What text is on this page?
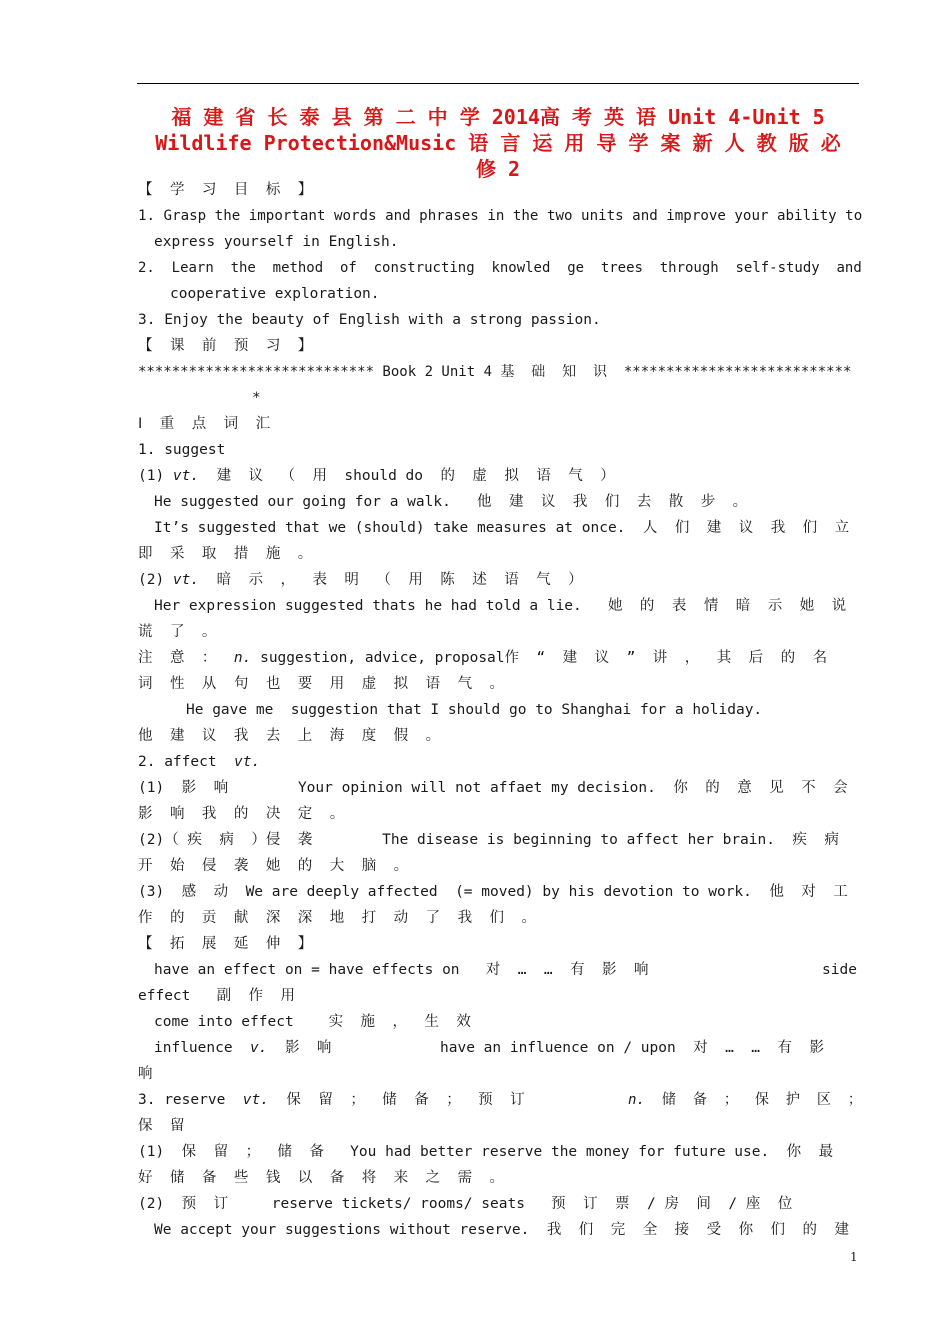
福 建 省 长 泰 县 第 二 中 学 2014高 考 英 语 Unit 4-Unit 5
Wildlife Protection&Music 语 言 运 用 导 学 案 新 人 教 版 必
修 2
【  学  习  目  标  】
1. Grasp the important words and phrases in the two units and improve your ability to
express yourself in English.
2.  Learn  the  method  of  constructing  knowled  ge  trees  through  self-study  and
cooperative exploration.
3. Enjoy the beauty of English with a strong passion.
【  课  前  预  习  】
**************************** Book 2 Unit 4 基  础  知  识  ***************************
*
Ⅰ  重  点  词  汇
1. suggest
(1) vt.  建  议  （  用  should do  的  虚  拟  语  气  ）
He suggested our going for a walk.   他  建  议  我  们  去  散  步  。
It’s suggested that we (should) take measures at once.  人  们  建  议  我  们  立
即  采  取  措  施  。
(2) vt.  暗  示  ，  表  明  （  用  陈  述  语  气  ）
Her expression suggested thats he had told a lie.   她  的  表  情  暗  示  她  说
谎  了  。
注  意  ：  n. suggestion, advice, proposal作  “  建  议  ”  讲  ，  其  后  的  名
词  性  从  句  也  要  用  虚  拟  语  气  。
He gave me  suggestion that I should go to Shanghai for a holiday.
他  建  议  我  去  上  海  度  假  。
2. affect  vt.
(1)  影  响        Your opinion will not affaet my decision.  你  的  意  见  不  会
影  响  我  的  决  定  。
(2)（ 疾  病  ）侵  袭        The disease is beginning to affect her brain.  疾  病
开  始  侵  袭  她  的  大  脑  。
(3)  感  动  We are deeply affected  (= moved) by his devotion to work.  他  对  工
作  的  贡  献  深  深  地  打  动  了  我  们  。
【  拓  展  延  伸  】
have an effect on = have effects on   对  …  …  有  影  响	side
effect   副  作  用
come into effect    实  施  ，  生  效
influence  v.  影  响	have an influence on / upon  对  …  …  有  影
响
3. reserve  vt.  保  留  ；  储  备  ；  预  订	n.  储  备  ；  保  护  区  ；
保  留
(1)  保  留  ；  储  备   You had better reserve the money for future use.  你  最
好  储  备  些  钱  以  备  将  来  之  需  。
(2)  预  订     reserve tickets/ rooms/ seats   预  订  票  / 房  间  / 座  位
We accept your suggestions without reserve.  我  们  完  全  接  受  你  们  的  建
1
